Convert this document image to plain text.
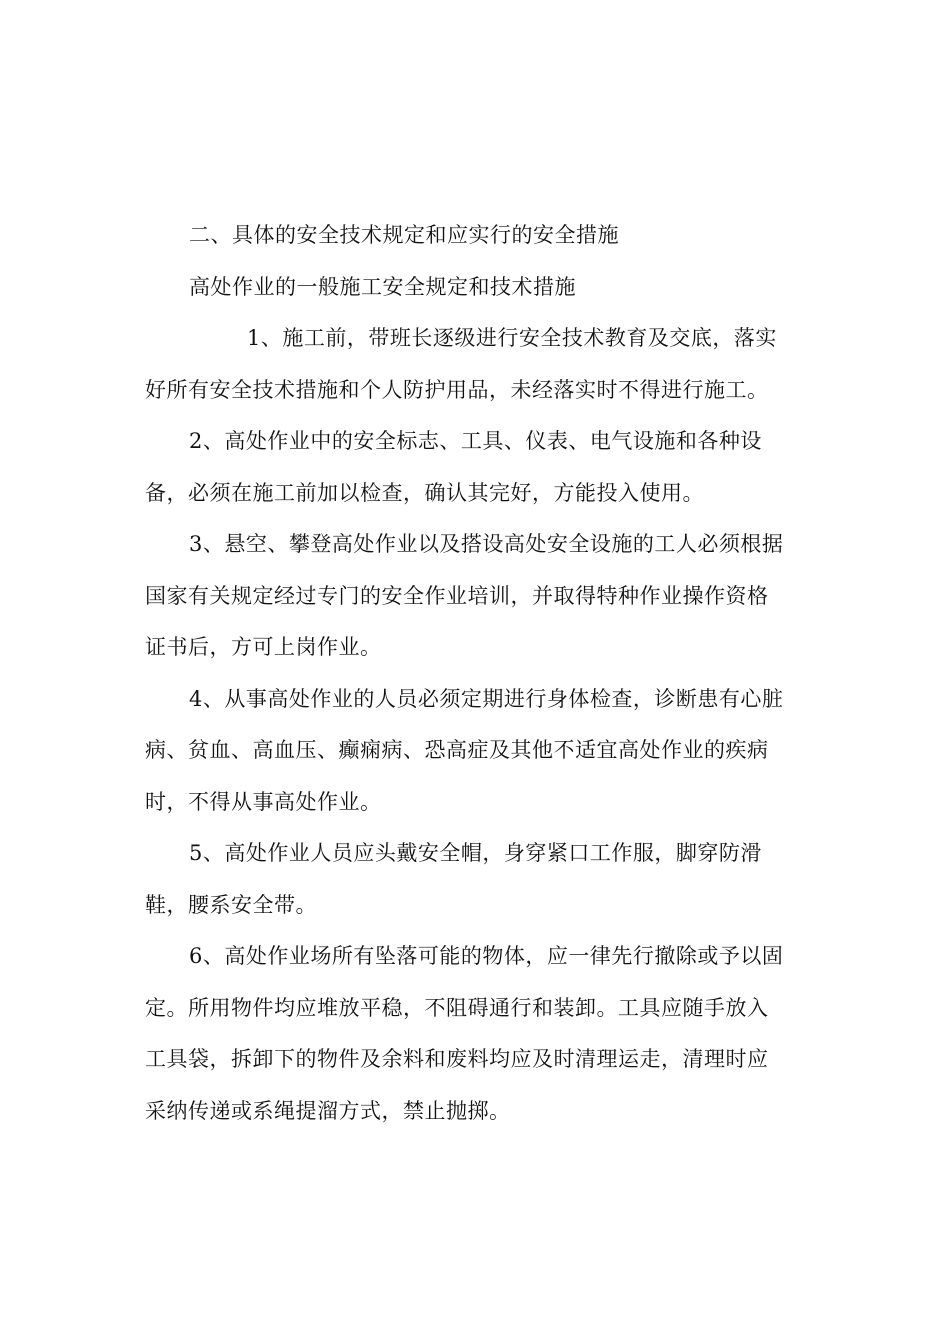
二、具体的安全技术规定和应实行的安全措施
高处作业的一般施工安全规定和技术措施
1、施工前，带班长逐级进行安全技术教育及交底，落实
好所有安全技术措施和个人防护用品，未经落实时不得进行施工。
2、高处作业中的安全标志、工具、仪表、电气设施和各种设
备，必须在施工前加以检查，确认其完好，方能投入使用。
3、悬空、攀登高处作业以及搭设高处安全设施的工人必须根据
国家有关规定经过专门的安全作业培训，并取得特种作业操作资格
证书后，方可上岗作业。
4、从事高处作业的人员必须定期进行身体检查，诊断患有心脏
病、贫血、高血压、癫痫病、恐高症及其他不适宜高处作业的疾病
时，不得从事高处作业。
5、高处作业人员应头戴安全帽，身穿紧口工作服，脚穿防滑
鞋，腰系安全带。
6、高处作业场所有坠落可能的物体，应一律先行撤除或予以固
定。所用物件均应堆放平稳，不阻碍通行和装卸。工具应随手放入
工具袋，拆卸下的物件及余料和废料均应及时清理运走，清理时应
采纳传递或系绳提溜方式，禁止抛掷。
